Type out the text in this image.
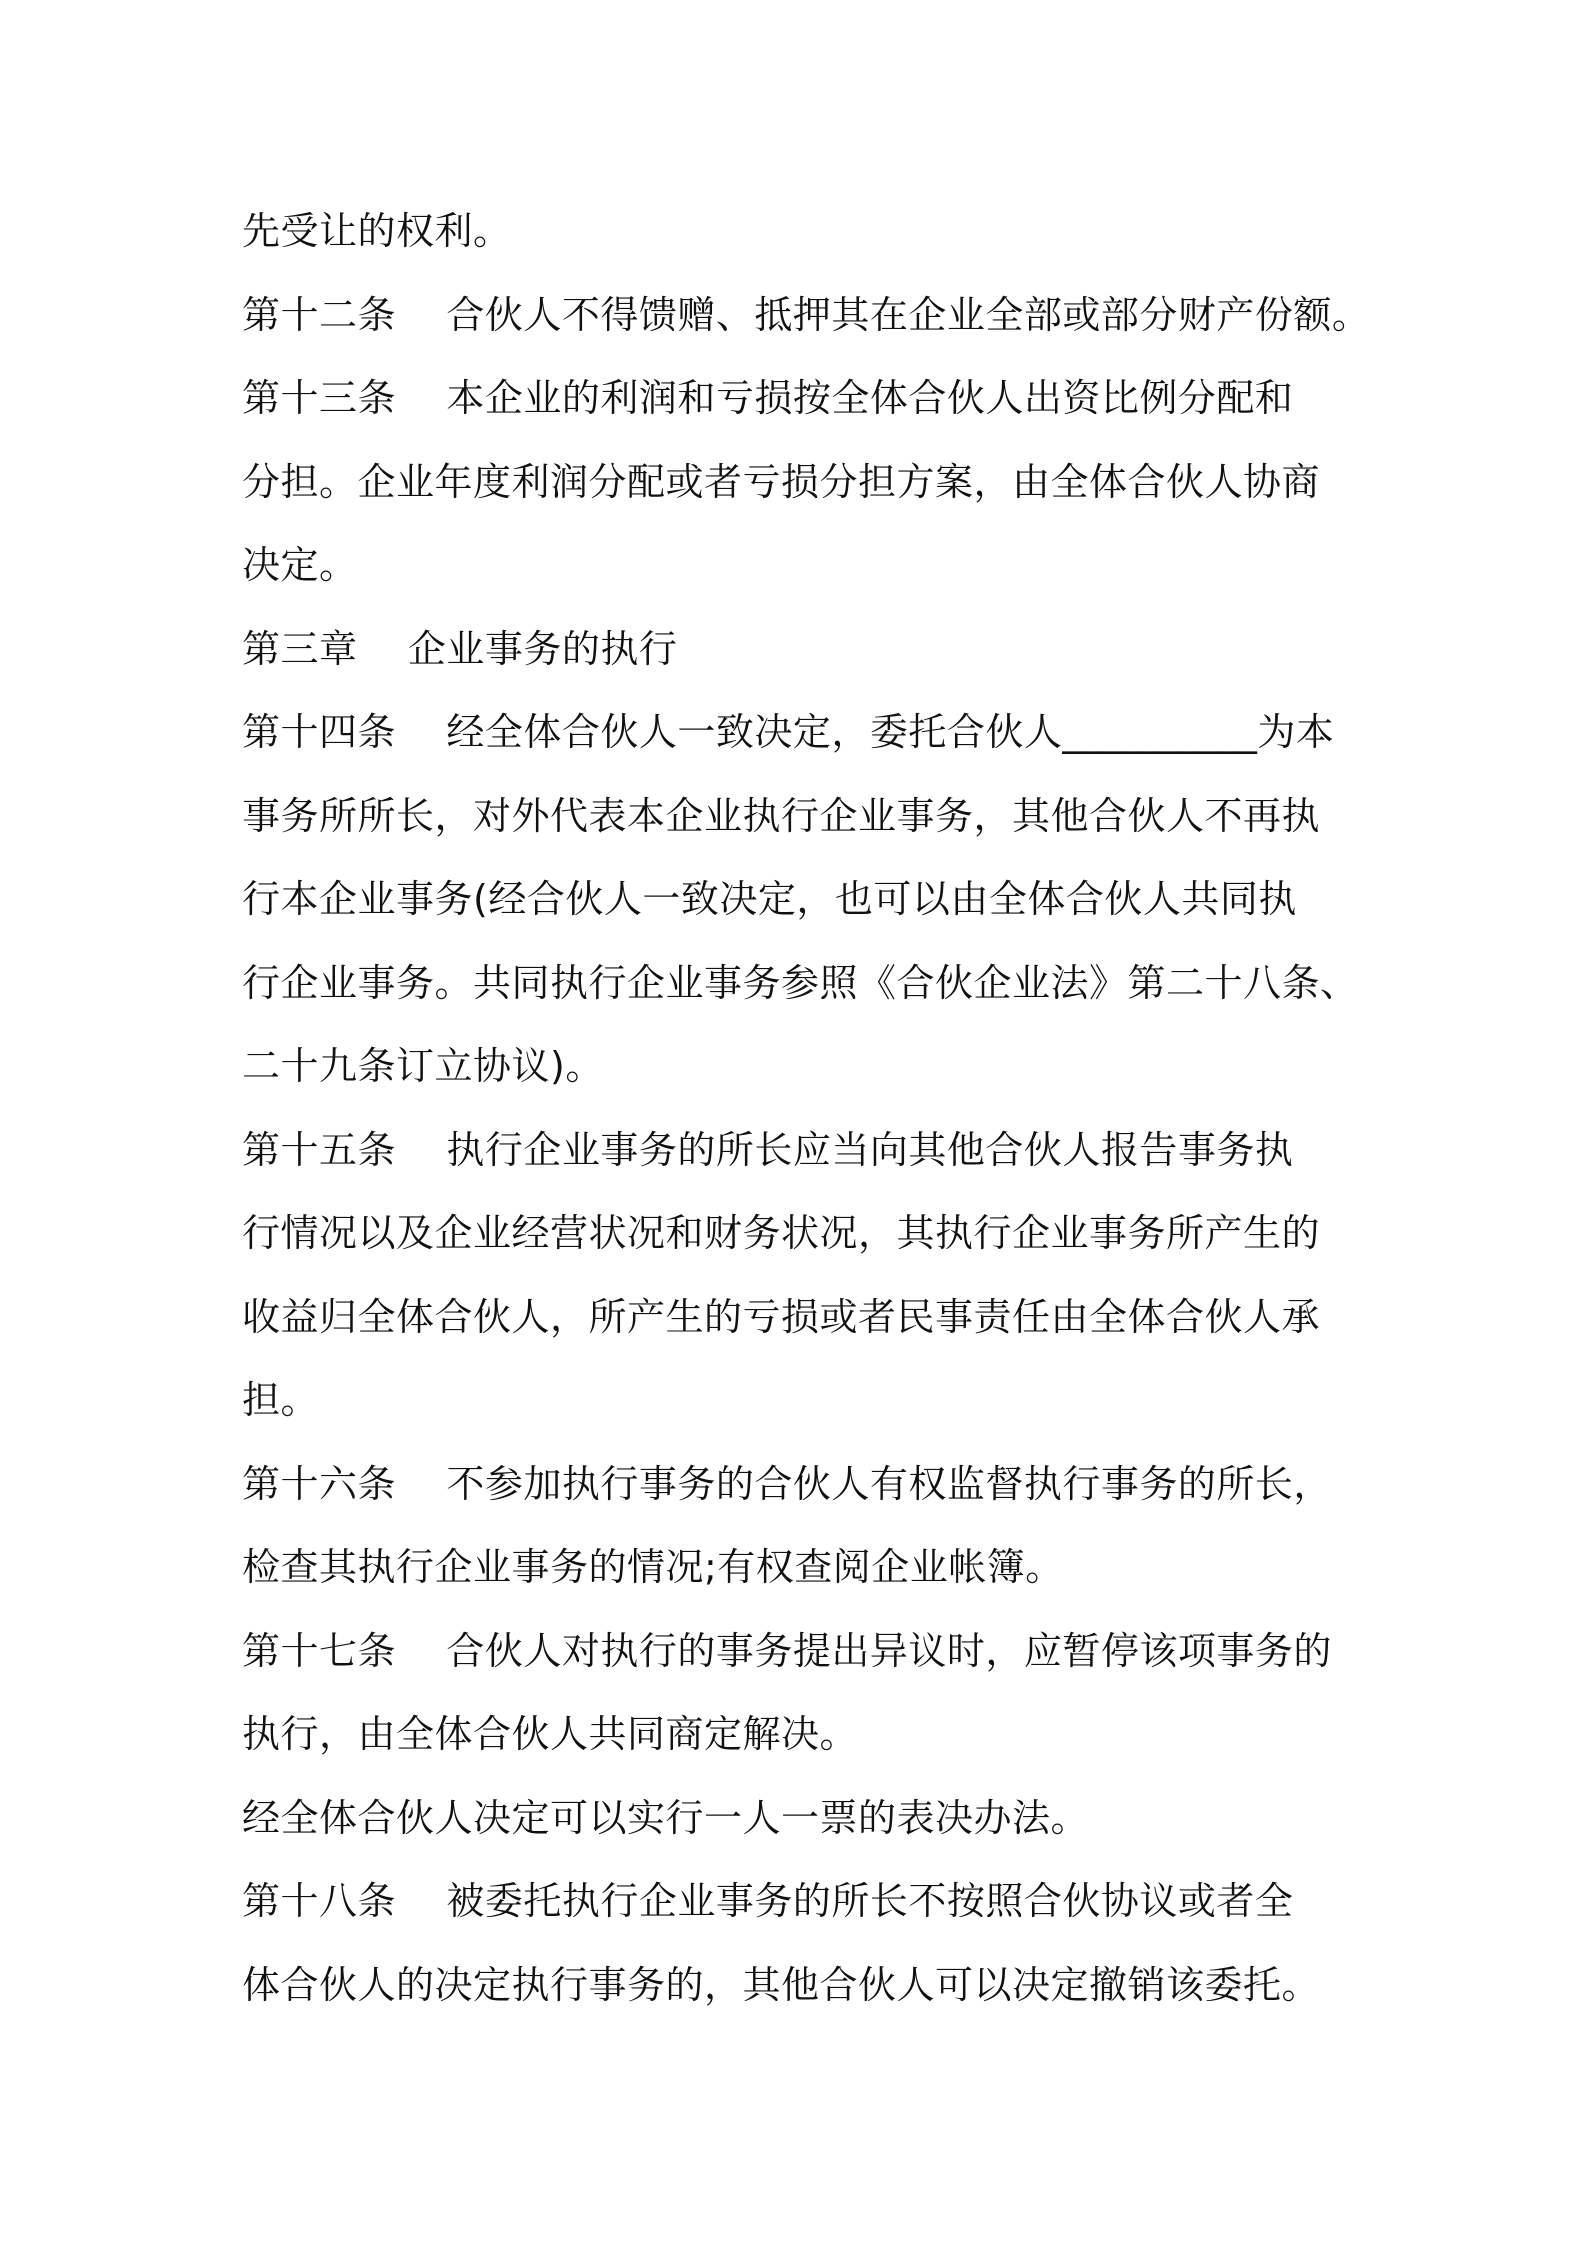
先受让的权利。
第十二条    合伙人不得馈赠、抵押其在企业全部或部分财产份额。
第十三条    本企业的利润和亏损按全体合伙人出资比例分配和
分担。企业年度利润分配或者亏损分担方案，由全体合伙人协商
决定。
第三章    企业事务的执行
第十四条    经全体合伙人一致决定，委托合伙人__________为本
事务所所长，对外代表本企业执行企业事务，其他合伙人不再执
行本企业事务(经合伙人一致决定，也可以由全体合伙人共同执
行企业事务。共同执行企业事务参照《合伙企业法》第二十八条、
二十九条订立协议)。
第十五条    执行企业事务的所长应当向其他合伙人报告事务执
行情况以及企业经营状况和财务状况，其执行企业事务所产生的
收益归全体合伙人，所产生的亏损或者民事责任由全体合伙人承
担。
第十六条    不参加执行事务的合伙人有权监督执行事务的所长，
检查其执行企业事务的情况;有权查阅企业帐簿。
第十七条    合伙人对执行的事务提出异议时，应暂停该项事务的
执行，由全体合伙人共同商定解决。
经全体合伙人决定可以实行一人一票的表决办法。
第十八条    被委托执行企业事务的所长不按照合伙协议或者全
体合伙人的决定执行事务的，其他合伙人可以决定撤销该委托。
